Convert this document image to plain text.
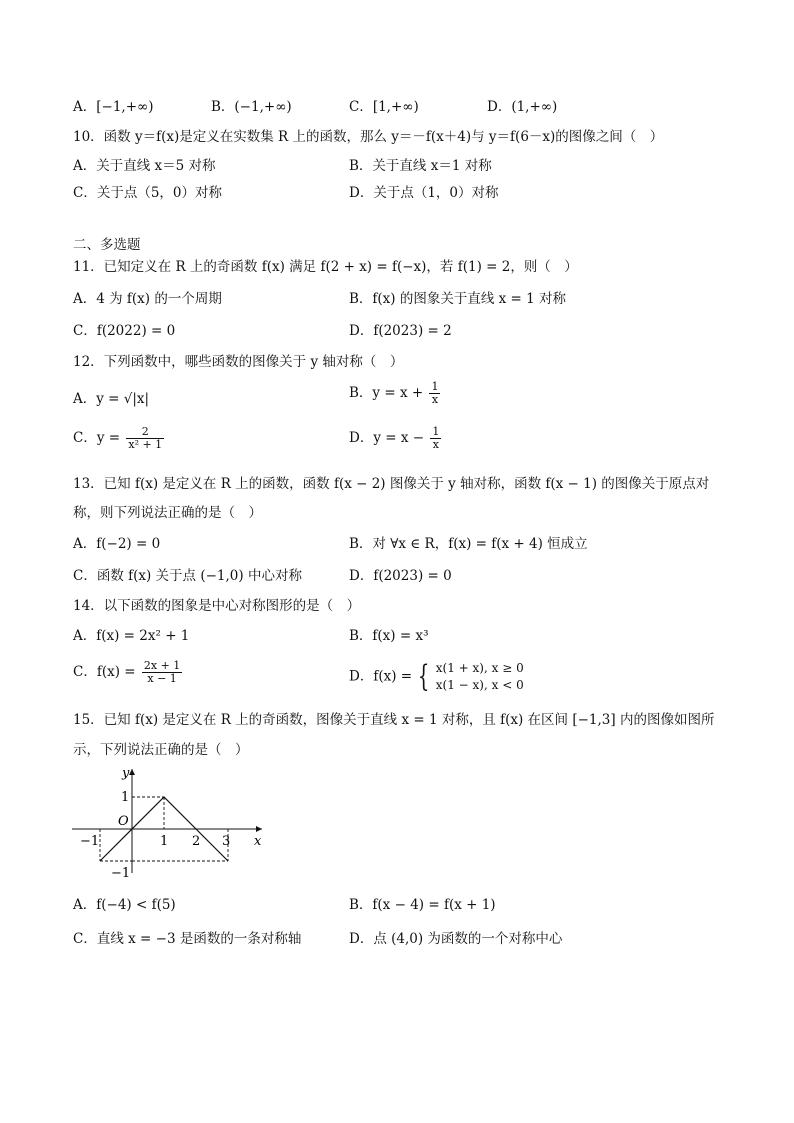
A．[−1,+∞)	B．(−1,+∞)	C．[1,+∞)	D．(1,+∞)
10．函数 y＝f(x)是定义在实数集 R 上的函数，那么 y＝－f(x＋4)与 y＝f(6－x)的图像之间（　）
A．关于直线 x＝5 对称	B．关于直线 x＝1 对称
C．关于点（5，0）对称	D．关于点（1，0）对称
二、多选题
11．已知定义在 R 上的奇函数 f(x) 满足 f(2 + x) = f(−x)，若 f(1) = 2，则（　）
A．4 为 f(x) 的一个周期	B．f(x) 的图象关于直线 x = 1 对称
C．f(2022) = 0	D．f(2023) = 2
12．下列函数中，哪些函数的图像关于 y 轴对称（　）
A．y = √|x|	B．$y = x + \frac{1}{x}$
C．$y = \frac{2}{\text{x² + 1}}$	D．$y = x - \frac{1}{x}$
13．已知 f(x) 是定义在 R 上的函数，函数 f(x − 2) 图像关于 y 轴对称，函数 f(x − 1) 的图像关于原点对
称，则下列说法正确的是（　）
A．f(−2) = 0	B．对 ∀x ∈ R，f(x) = f(x + 4) 恒成立
C．函数 f(x) 关于点 (−1,0) 中心对称	D．f(2023) = 0
14．以下函数的图象是中心对称图形的是（　）
A．f(x) = 2x² + 1	B．f(x) = x³
C．$f(x) = \frac{2x + 1}{x - 1}$	D．f(x) = { x(1 + x), x ≥ 0
x(1 − x), x < 0
15．已知 f(x) 是定义在 R 上的奇函数，图像关于直线 x = 1 对称，且 f(x) 在区间 [−1,3] 内的图像如图所
示，下列说法正确的是（　）
y
x
O
−1	1 2 3
1
−1
A．f(−4) < f(5)	B．f(x − 4) = f(x + 1)
C．直线 x = −3 是函数的一条对称轴	D．点 (4,0) 为函数的一个对称中心
